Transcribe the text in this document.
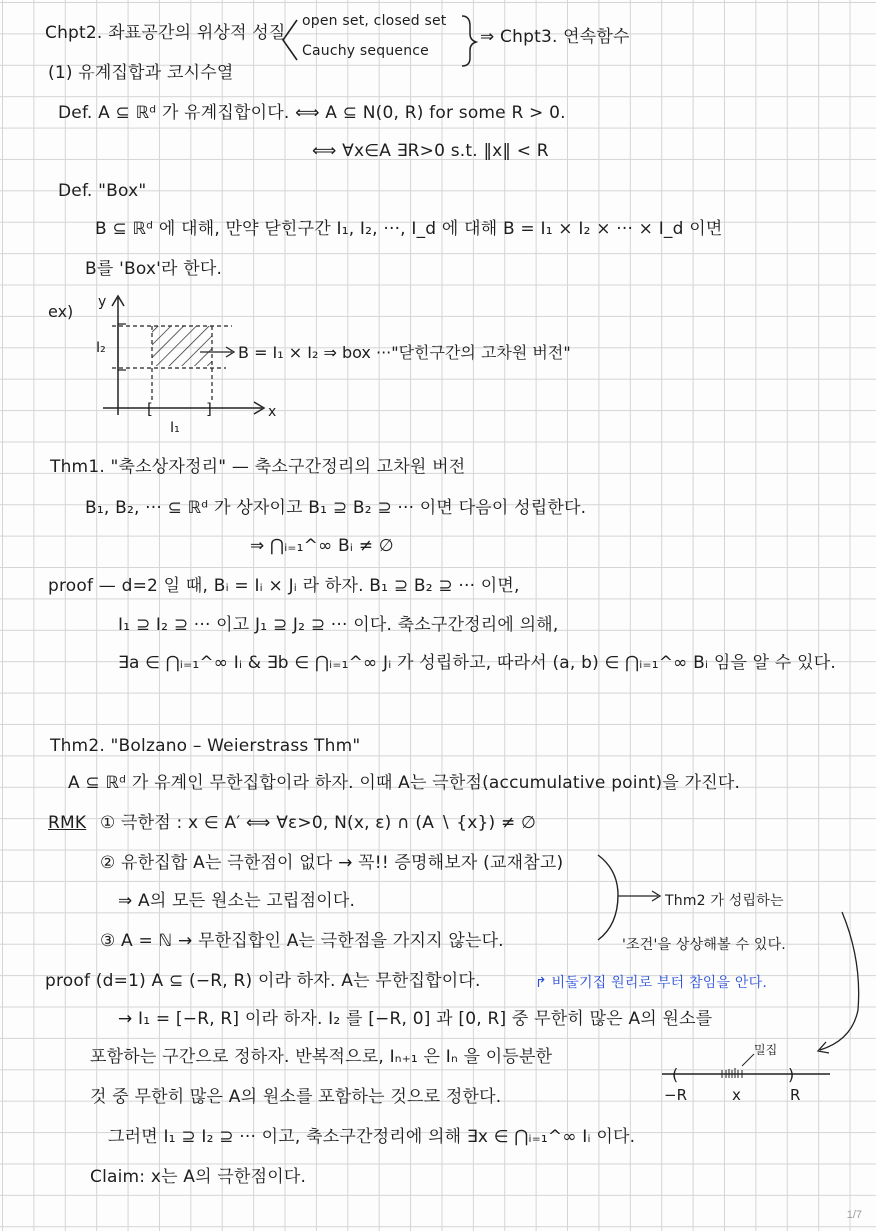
Chpt2. 좌표공간의 위상적 성질
open set, closed set
Cauchy sequence
⇒ Chpt3. 연속함수
(1) 유계집합과 코시수열
Def. A ⊆ ℝᵈ 가 유계집합이다. ⟺ A ⊆ N(0, R) for some R > 0.
⟺ ∀x∈A ∃R>0 s.t. ‖x‖ < R
Def. "Box"
B ⊆ ℝᵈ 에 대해, 만약 닫힌구간 I₁, I₂, ···, I_d 에 대해 B = I₁ × I₂ × ··· × I_d 이면
B를 'Box'라 한다.
Thm1. "축소상자정리" — 축소구간정리의 고차원 버전
B₁, B₂, ··· ⊆ ℝᵈ 가 상자이고 B₁ ⊇ B₂ ⊇ ··· 이면 다음이 성립한다.
⇒ ⋂ᵢ₌₁^∞ Bᵢ ≠ ∅
proof — d=2 일 때, Bᵢ = Iᵢ × Jᵢ 라 하자. B₁ ⊇ B₂ ⊇ ··· 이면,
I₁ ⊇ I₂ ⊇ ··· 이고 J₁ ⊇ J₂ ⊇ ··· 이다. 축소구간정리에 의해,
∃a ∈ ⋂ᵢ₌₁^∞ Iᵢ & ∃b ∈ ⋂ᵢ₌₁^∞ Jᵢ 가 성립하고, 따라서 (a, b) ∈ ⋂ᵢ₌₁^∞ Bᵢ 임을 알 수 있다.
Thm2. "Bolzano – Weierstrass Thm"
A ⊆ ℝᵈ 가 유계인 무한집합이라 하자. 이때 A는 극한점(accumulative point)을 가진다.
RMK ① 극한점 : x ∈ A′ ⟺ ∀ε>0, N(x, ε) ∩ (A ∖ {x}) ≠ ∅
② 유한집합 A는 극한점이 없다 → 꼭!! 증명해보자 (교재참고)
⇒ A의 모든 원소는 고립점이다.
③ A = ℕ → 무한집합인 A는 극한점을 가지지 않는다.
Thm2 가 성립하는
'조건'을 상상해볼 수 있다.
proof (d=1) A ⊆ (−R, R) 이라 하자. A는 무한집합이다.	↱ 비둘기집 원리로 부터 참임을 안다.
→ I₁ = [−R, R] 이라 하자. I₂ 를 [−R, 0] 과 [0, R] 중 무한히 많은 A의 원소를
포함하는 구간으로 정하자. 반복적으로, Iₙ₊₁ 은 Iₙ 을 이등분한
것 중 무한히 많은 A의 원소를 포함하는 것으로 정한다.
그러면 I₁ ⊇ I₂ ⊇ ··· 이고, 축소구간정리에 의해 ∃x ∈ ⋂ᵢ₌₁^∞ Iᵢ 이다.
Claim: x는 A의 극한점이다.
ex) y
x
I₂
[	]
I₁
B = I₁ × I₂ ⇒ box ···"닫힌구간의 고차원 버전"
(	)
밀집
−R	x	R
1/7
